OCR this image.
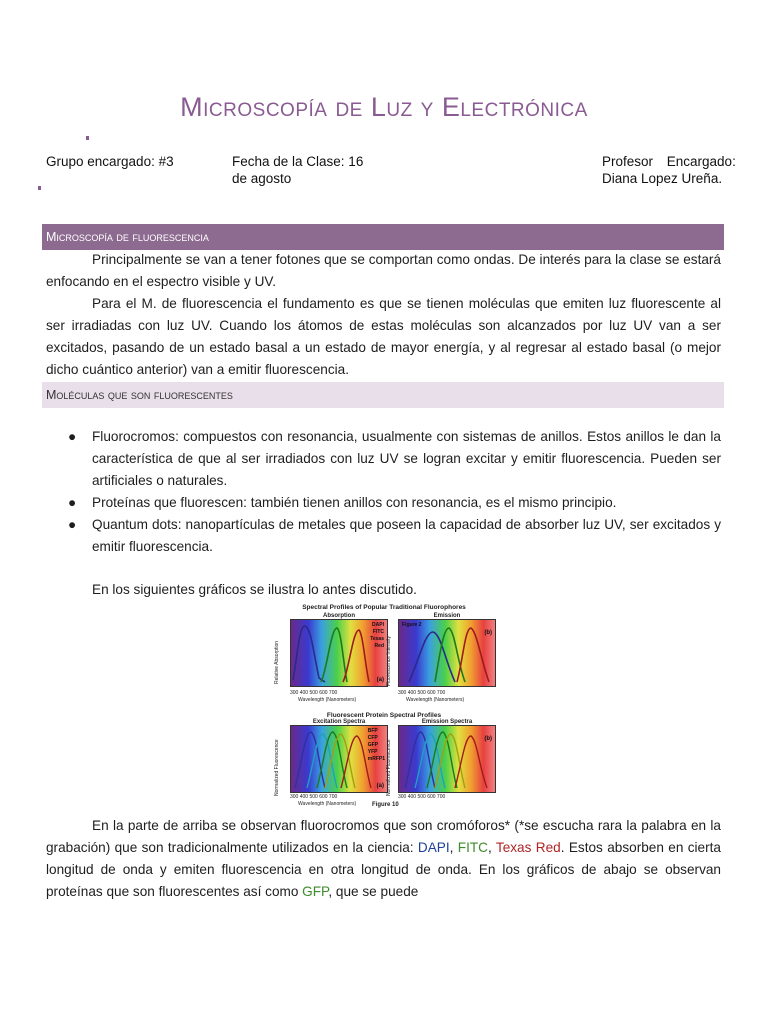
Microscopía de Luz y Electrónica
Grupo encargado: #3	Fecha de la Clase: 16
de agosto
Profesor Encargado:
Diana Lopez Ureña.
Microscopía de fluorescencia

Principalmente se van a tener fotones que se comportan como ondas. De interés para la clase se estará enfocando en el espectro visible y UV.

Para el M. de fluorescencia el fundamento es que se tienen moléculas que emiten luz fluorescente al ser irradiadas con luz UV. Cuando los átomos de estas moléculas son alcanzados por luz UV van a ser excitados, pasando de un estado basal a un estado de mayor energía, y al regresar al estado basal (o mejor dicho cuántico anterior) van a emitir fluorescencia.

Moléculas que son fluorescentes
● Fluorocromos: compuestos con resonancia, usualmente con sistemas de anillos. Estos anillos le dan la característica de que al ser irradiados con luz UV se logran excitar y emitir fluorescencia. Pueden ser artificiales o naturales.
● Proteínas que fluorescen: también tienen anillos con resonancia, es el mismo principio.
● Quantum dots: nanopartículas de metales que poseen la capacidad de absorber luz UV, ser excitados y emitir fluorescencia.

En los siguientes gráficos se ilustra lo antes discutido.

Spectral Profiles of Popular Traditional Fluorophores
Absorption
DAPI
FITC
Texas
Red
(a)
300 400 500 600 700
Wavelength (Nanometers)
Relative Absorption
Emission
Figure 2
(b)
300 400 500 600 700
Wavelength (Nanometers)
Fluorescence Intensity
Fluorescent Protein Spectral Profiles
Excitation Spectra
BFP
CFP
GFP
YFP
mRFP1
(a)
300 400 500 600 700
Wavelength (Nanometers)
Normalized Fluorescence
Emission Spectra
(b)
300 400 500 600 700
Normalized Fluorescence
Figure 10

En la parte de arriba se observan fluorocromos que son cromóforos* (*se escucha rara la palabra en la grabación) que son tradicionalmente utilizados en la ciencia: DAPI, FITC, Texas Red. Estos absorben en cierta longitud de onda y emiten fluorescencia en otra longitud de onda. En los gráficos de abajo se observan proteínas que son fluorescentes así como GFP, que se puede
